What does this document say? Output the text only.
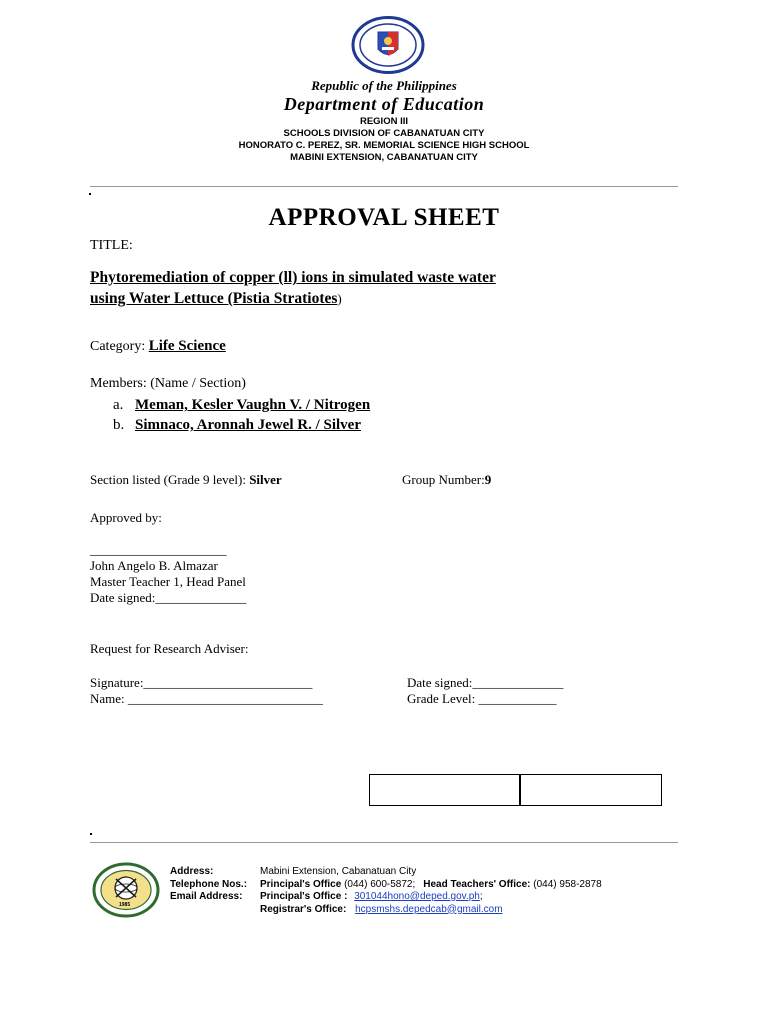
Republic of the Philippines
Department of Education
REGION III
SCHOOLS DIVISION OF CABANATUAN CITY
HONORATO C. PEREZ, SR. MEMORIAL SCIENCE HIGH SCHOOL
MABINI EXTENSION, CABANATUAN CITY
APPROVAL SHEET
TITLE:
Phytoremediation of copper (ll) ions in simulated waste water
using Water Lettuce (Pistia Stratiotes)
Category: Life Science
Members: (Name / Section)
a. Meman, Kesler Vaughn V. / Nitrogen
b. Simnaco, Aronnah Jewel R. / Silver
Section listed (Grade 9 level): Silver	Group Number:9
Approved by:
_____________________
John Angelo B. Almazar
Master Teacher 1, Head Panel
Date signed:______________
Request for Research Adviser:
Signature:__________________________
Name: ______________________________
Date signed:______________
Grade Level: ____________
1985
Address:
Telephone Nos.:
Email Address:
Mabini Extension, Cabanatuan City
Principal's Office (044) 600-5872; Head Teachers' Office: (044) 958-2878
Principal's Office : 301044hono@deped.gov.ph;
Registrar's Office: hcpsmshs.depedcab@gmail.com
